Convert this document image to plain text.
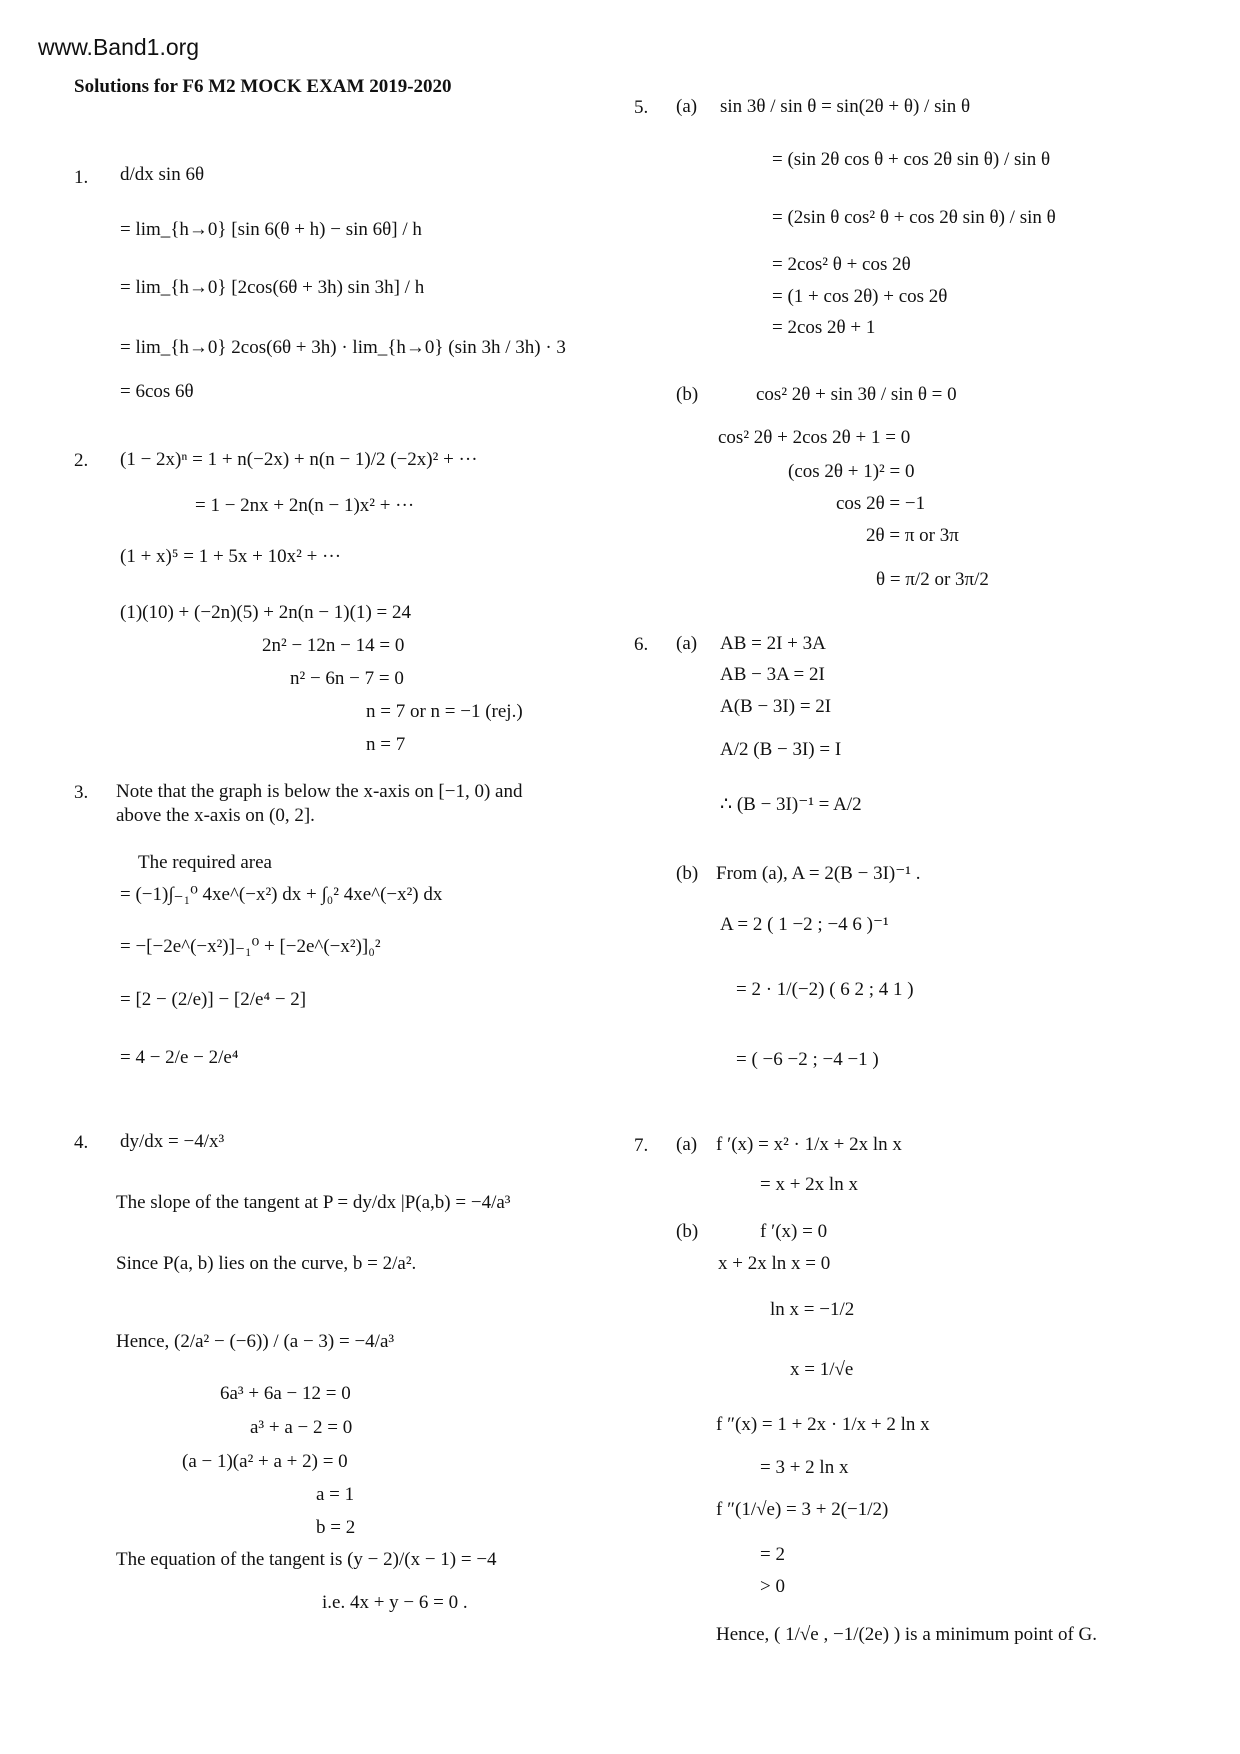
www.Band1.org
Solutions for F6 M2 MOCK EXAM 2019-2020
1. d/dx sin 6θ
= lim_{h→0} [sin 6(θ + h) − sin 6θ] / h
= lim_{h→0} [2cos(6θ + 3h) sin 3h] / h
= lim_{h→0} 2cos(6θ + 3h) · lim_{h→0} (sin 3h / 3h) · 3
= 6cos 6θ
2. (1 − 2x)ⁿ = 1 + n(−2x) + n(n − 1)/2 (−2x)² + ···
= 1 − 2nx + 2n(n − 1)x² + ···
(1 + x)⁵ = 1 + 5x + 10x² + ···
(1)(10) + (−2n)(5) + 2n(n − 1)(1) = 24
2n² − 12n − 14 = 0
n² − 6n − 7 = 0
n = 7 or n = −1 (rej.)
n = 7
3. Note that the graph is below the x-axis on [−1, 0) and
above the x-axis on (0, 2].
The required area
= (−1)∫₋₁⁰ 4xe^(−x²) dx + ∫₀² 4xe^(−x²) dx
= −[−2e^(−x²)]₋₁⁰ + [−2e^(−x²)]₀²
= [2 − (2/e)] − [2/e⁴ − 2]
= 4 − 2/e − 2/e⁴
4. dy/dx = −4/x³
The slope of the tangent at P = dy/dx |P(a,b) = −4/a³
Since P(a, b) lies on the curve, b = 2/a².
Hence, (2/a² − (−6)) / (a − 3) = −4/a³
6a³ + 6a − 12 = 0
a³ + a − 2 = 0
(a − 1)(a² + a + 2) = 0
a = 1
b = 2
The equation of the tangent is (y − 2)/(x − 1) = −4
i.e. 4x + y − 6 = 0 .
5. (a) sin 3θ / sin θ = sin(2θ + θ) / sin θ
= (sin 2θ cos θ + cos 2θ sin θ) / sin θ
= (2sin θ cos² θ + cos 2θ sin θ) / sin θ
= 2cos² θ + cos 2θ
= (1 + cos 2θ) + cos 2θ
= 2cos 2θ + 1
(b)	cos² 2θ + sin 3θ / sin θ = 0
cos² 2θ + 2cos 2θ + 1 = 0
(cos 2θ + 1)² = 0
cos 2θ = −1
2θ = π or 3π
θ = π/2 or 3π/2
6. (a) AB = 2I + 3A
AB − 3A = 2I
A(B − 3I) = 2I
A/2 (B − 3I) = I
∴ (B − 3I)⁻¹ = A/2
(b) From (a), A = 2(B − 3I)⁻¹ .
A = 2 ( 1 −2 ; −4 6 )⁻¹
= 2 · 1/(−2) ( 6 2 ; 4 1 )
= ( −6 −2 ; −4 −1 )
7. (a) f ′(x) = x² · 1/x + 2x ln x
= x + 2x ln x
(b)	f ′(x) = 0
x + 2x ln x = 0
ln x = −1/2
x = 1/√e
f ″(x) = 1 + 2x · 1/x + 2 ln x
= 3 + 2 ln x
f ″(1/√e) = 3 + 2(−1/2)
= 2
> 0
Hence, ( 1/√e , −1/(2e) ) is a minimum point of G.
